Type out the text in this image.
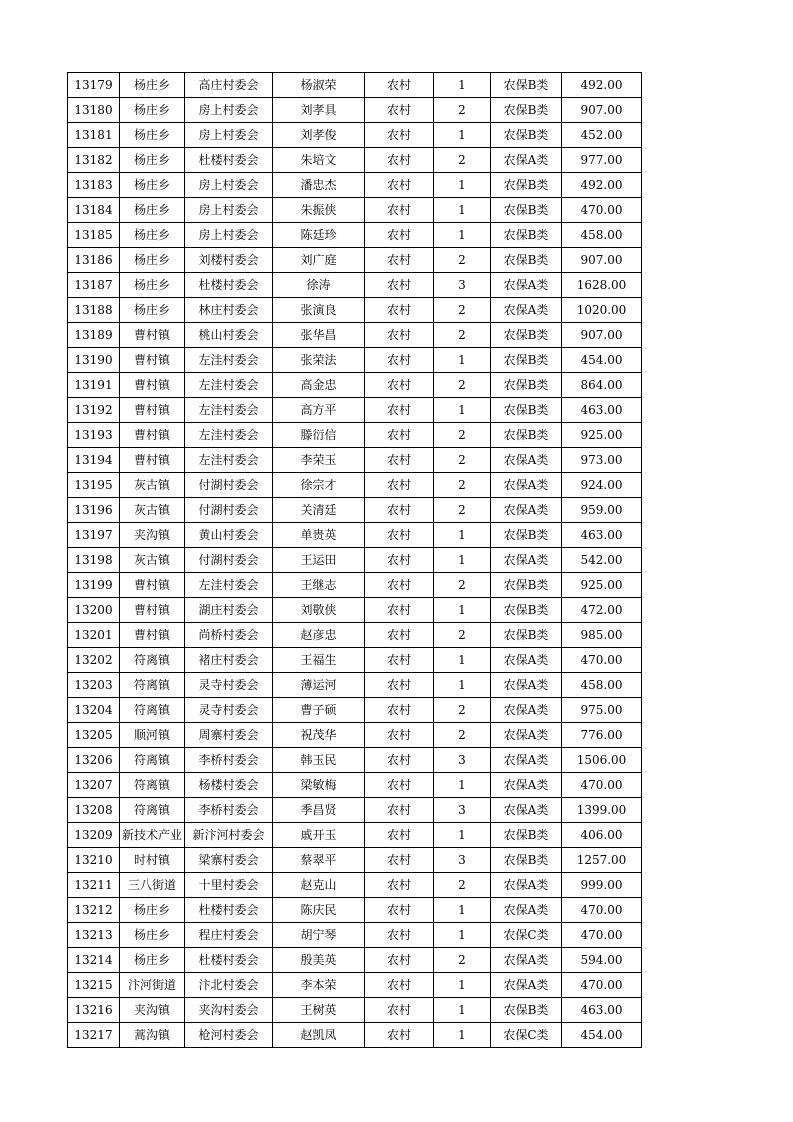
13179	杨庄乡	高庄村委会	杨淑荣	农村	1	农保B类	492.00
13180	杨庄乡	房上村委会	刘孝具	农村	2	农保B类	907.00
13181	杨庄乡	房上村委会	刘孝俊	农村	1	农保B类	452.00
13182	杨庄乡	杜楼村委会	朱培文	农村	2	农保A类	977.00
13183	杨庄乡	房上村委会	潘忠杰	农村	1	农保B类	492.00
13184	杨庄乡	房上村委会	朱振侠	农村	1	农保B类	470.00
13185	杨庄乡	房上村委会	陈廷珍	农村	1	农保B类	458.00
13186	杨庄乡	刘楼村委会	刘广庭	农村	2	农保B类	907.00
13187	杨庄乡	杜楼村委会	徐涛	农村	3	农保A类	1628.00
13188	杨庄乡	林庄村委会	张演良	农村	2	农保A类	1020.00
13189	曹村镇	桃山村委会	张华昌	农村	2	农保B类	907.00
13190	曹村镇	左洼村委会	张荣法	农村	1	农保B类	454.00
13191	曹村镇	左洼村委会	高金忠	农村	2	农保B类	864.00
13192	曹村镇	左洼村委会	高方平	农村	1	农保B类	463.00
13193	曹村镇	左洼村委会	滕衍信	农村	2	农保B类	925.00
13194	曹村镇	左洼村委会	李荣玉	农村	2	农保A类	973.00
13195	灰古镇	付湖村委会	徐宗才	农村	2	农保A类	924.00
13196	灰古镇	付湖村委会	关清廷	农村	2	农保A类	959.00
13197	夹沟镇	黄山村委会	单贵英	农村	1	农保B类	463.00
13198	灰古镇	付湖村委会	王运田	农村	1	农保A类	542.00
13199	曹村镇	左洼村委会	王继志	农村	2	农保B类	925.00
13200	曹村镇	湖庄村委会	刘敬侠	农村	1	农保B类	472.00
13201	曹村镇	尚桥村委会	赵彦忠	农村	2	农保B类	985.00
13202	符离镇	褚庄村委会	王福生	农村	1	农保A类	470.00
13203	符离镇	灵寺村委会	薄运河	农村	1	农保A类	458.00
13204	符离镇	灵寺村委会	曹子硕	农村	2	农保A类	975.00
13205	顺河镇	周寨村委会	祝茂华	农村	2	农保A类	776.00
13206	符离镇	李桥村委会	韩玉民	农村	3	农保A类	1506.00
13207	符离镇	杨楼村委会	梁敏梅	农村	1	农保A类	470.00
13208	符离镇	李桥村委会	季昌贤	农村	3	农保A类	1399.00
13209	新技术产业	新汴河村委会	戚开玉	农村	1	农保B类	406.00
13210	时村镇	梁寨村委会	蔡翠平	农村	3	农保B类	1257.00
13211	三八街道	十里村委会	赵克山	农村	2	农保A类	999.00
13212	杨庄乡	杜楼村委会	陈庆民	农村	1	农保A类	470.00
13213	杨庄乡	程庄村委会	胡宁琴	农村	1	农保C类	470.00
13214	杨庄乡	杜楼村委会	殷美英	农村	2	农保A类	594.00
13215	汴河街道	汴北村委会	李本荣	农村	1	农保A类	470.00
13216	夹沟镇	夹沟村委会	王树英	农村	1	农保B类	463.00
13217	蒿沟镇	枪河村委会	赵凯凤	农村	1	农保C类	454.00
